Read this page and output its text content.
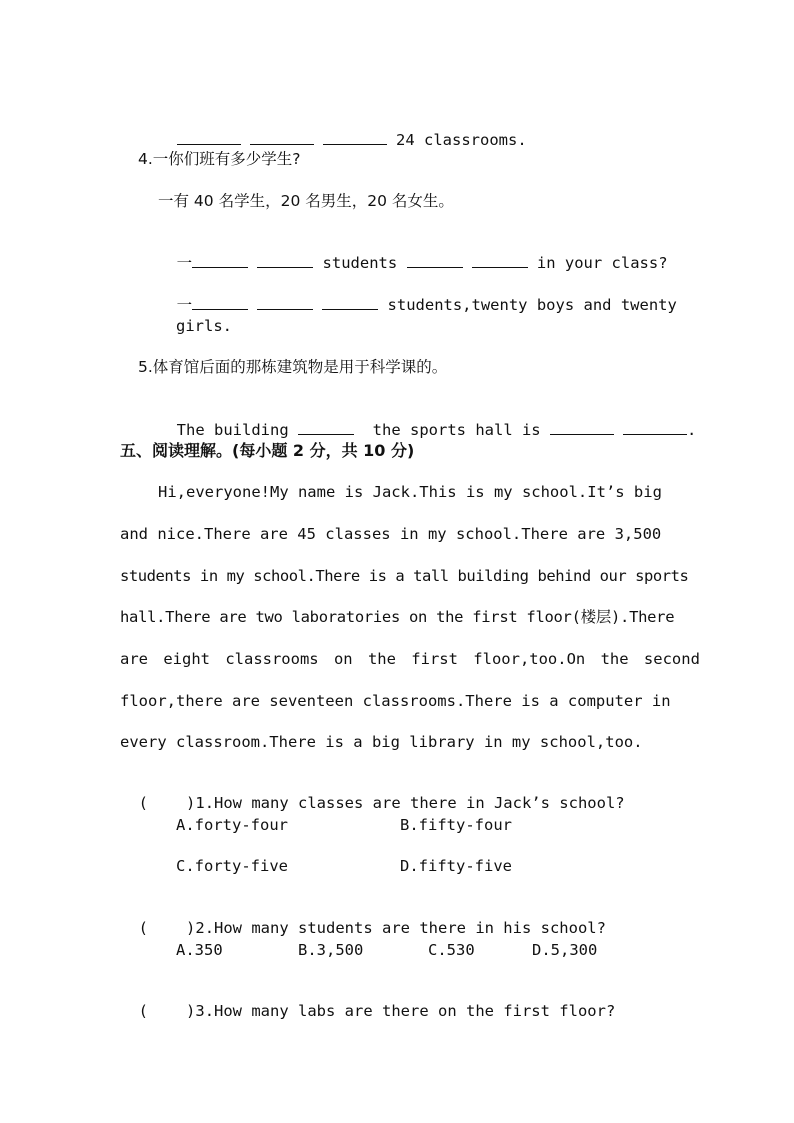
24 classrooms.

4.一你们班有多少学生?
一有 40 名学生，20 名男生，20 名女生。

一	students	in your class?

一	students,twenty boys and twenty

girls.
5.体育馆后面的那栋建筑物是用于科学课的。

The building	the sports hall is	.

五、阅读理解。(每小题 2 分，共 10 分)
Hi,everyone!My name is Jack.This is my school.It’s big
and nice.There are 45 classes in my school.There are 3,500
students in my school.There is a tall building behind our sports
hall.There are two laboratories on the first floor(楼层).There
are eight classrooms on the first floor,too.On the second
floor,there are seventeen classrooms.There is a computer in
every classroom.There is a big library in my school,too.

( )1.How many classes are there in Jack’s school?

A.forty-four	B.fifty-four
C.forty-five	D.fifty-five

( )2.How many students are there in his school?

A.350	B.3,500	C.530	D.5,300

( )3.How many labs are there on the first floor?
